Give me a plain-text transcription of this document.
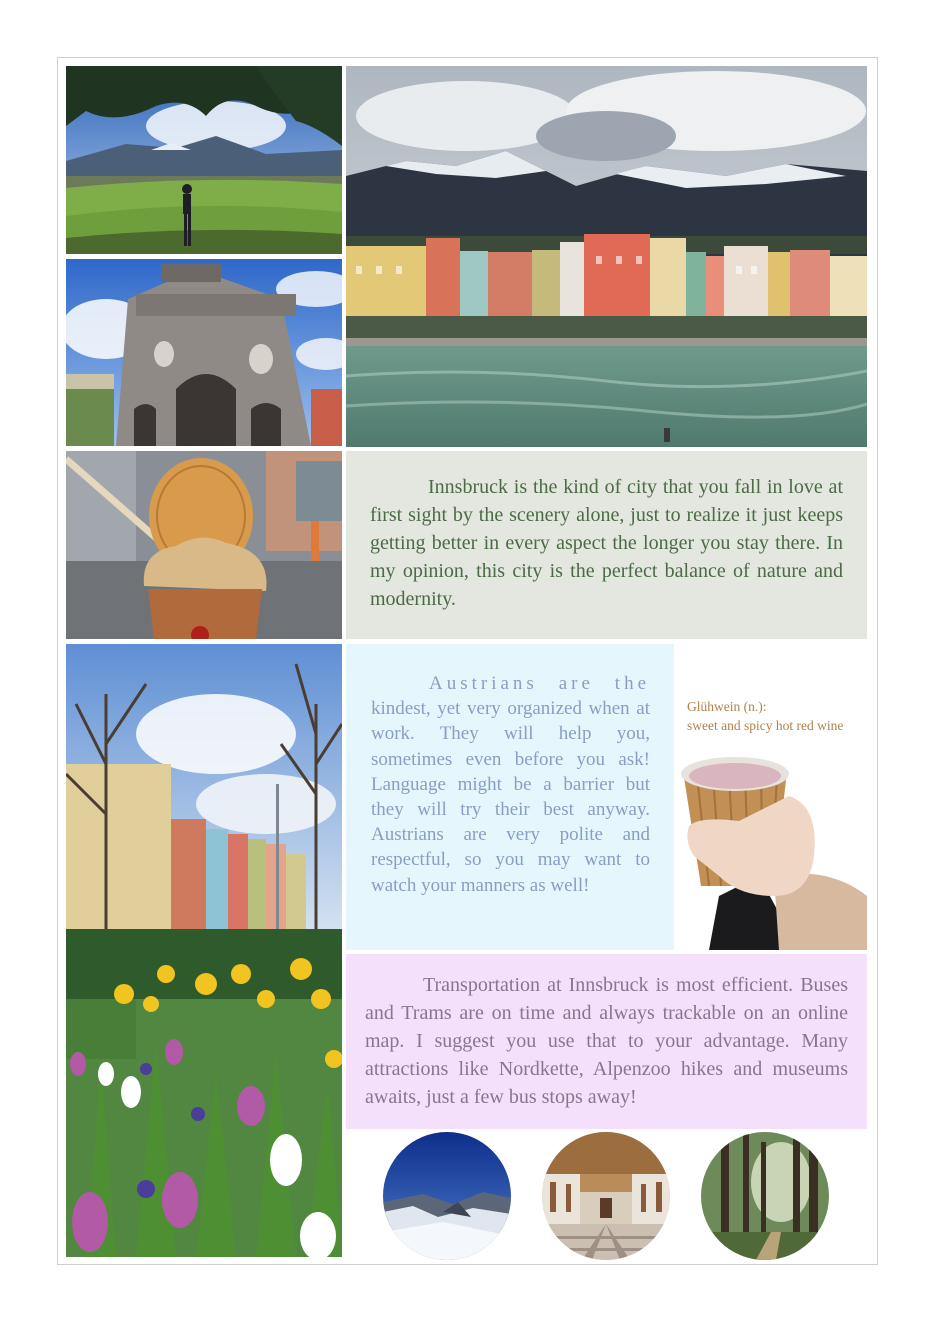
Innsbruck is the kind of city that you fall in love at first sight by the scenery alone, just to realize it just keeps getting better in every aspect the longer you stay there. In my opinion, this city is the perfect balance of nature and modernity.

Austrians are the kindest, yet very organized when at work. They will help you, sometimes even before you ask! Language might be a barrier but they will try their best anyway. Austrians are very polite and respectful, so you may want to watch your manners as well!

Glühwein (n.):
sweet and spicy hot red wine

Transportation at Innsbruck is most efficient. Buses and Trams are on time and always trackable on an online map. I suggest you use that to your advantage. Many attractions like Nordkette, Alpenzoo hikes and museums awaits, just a few bus stops away!
